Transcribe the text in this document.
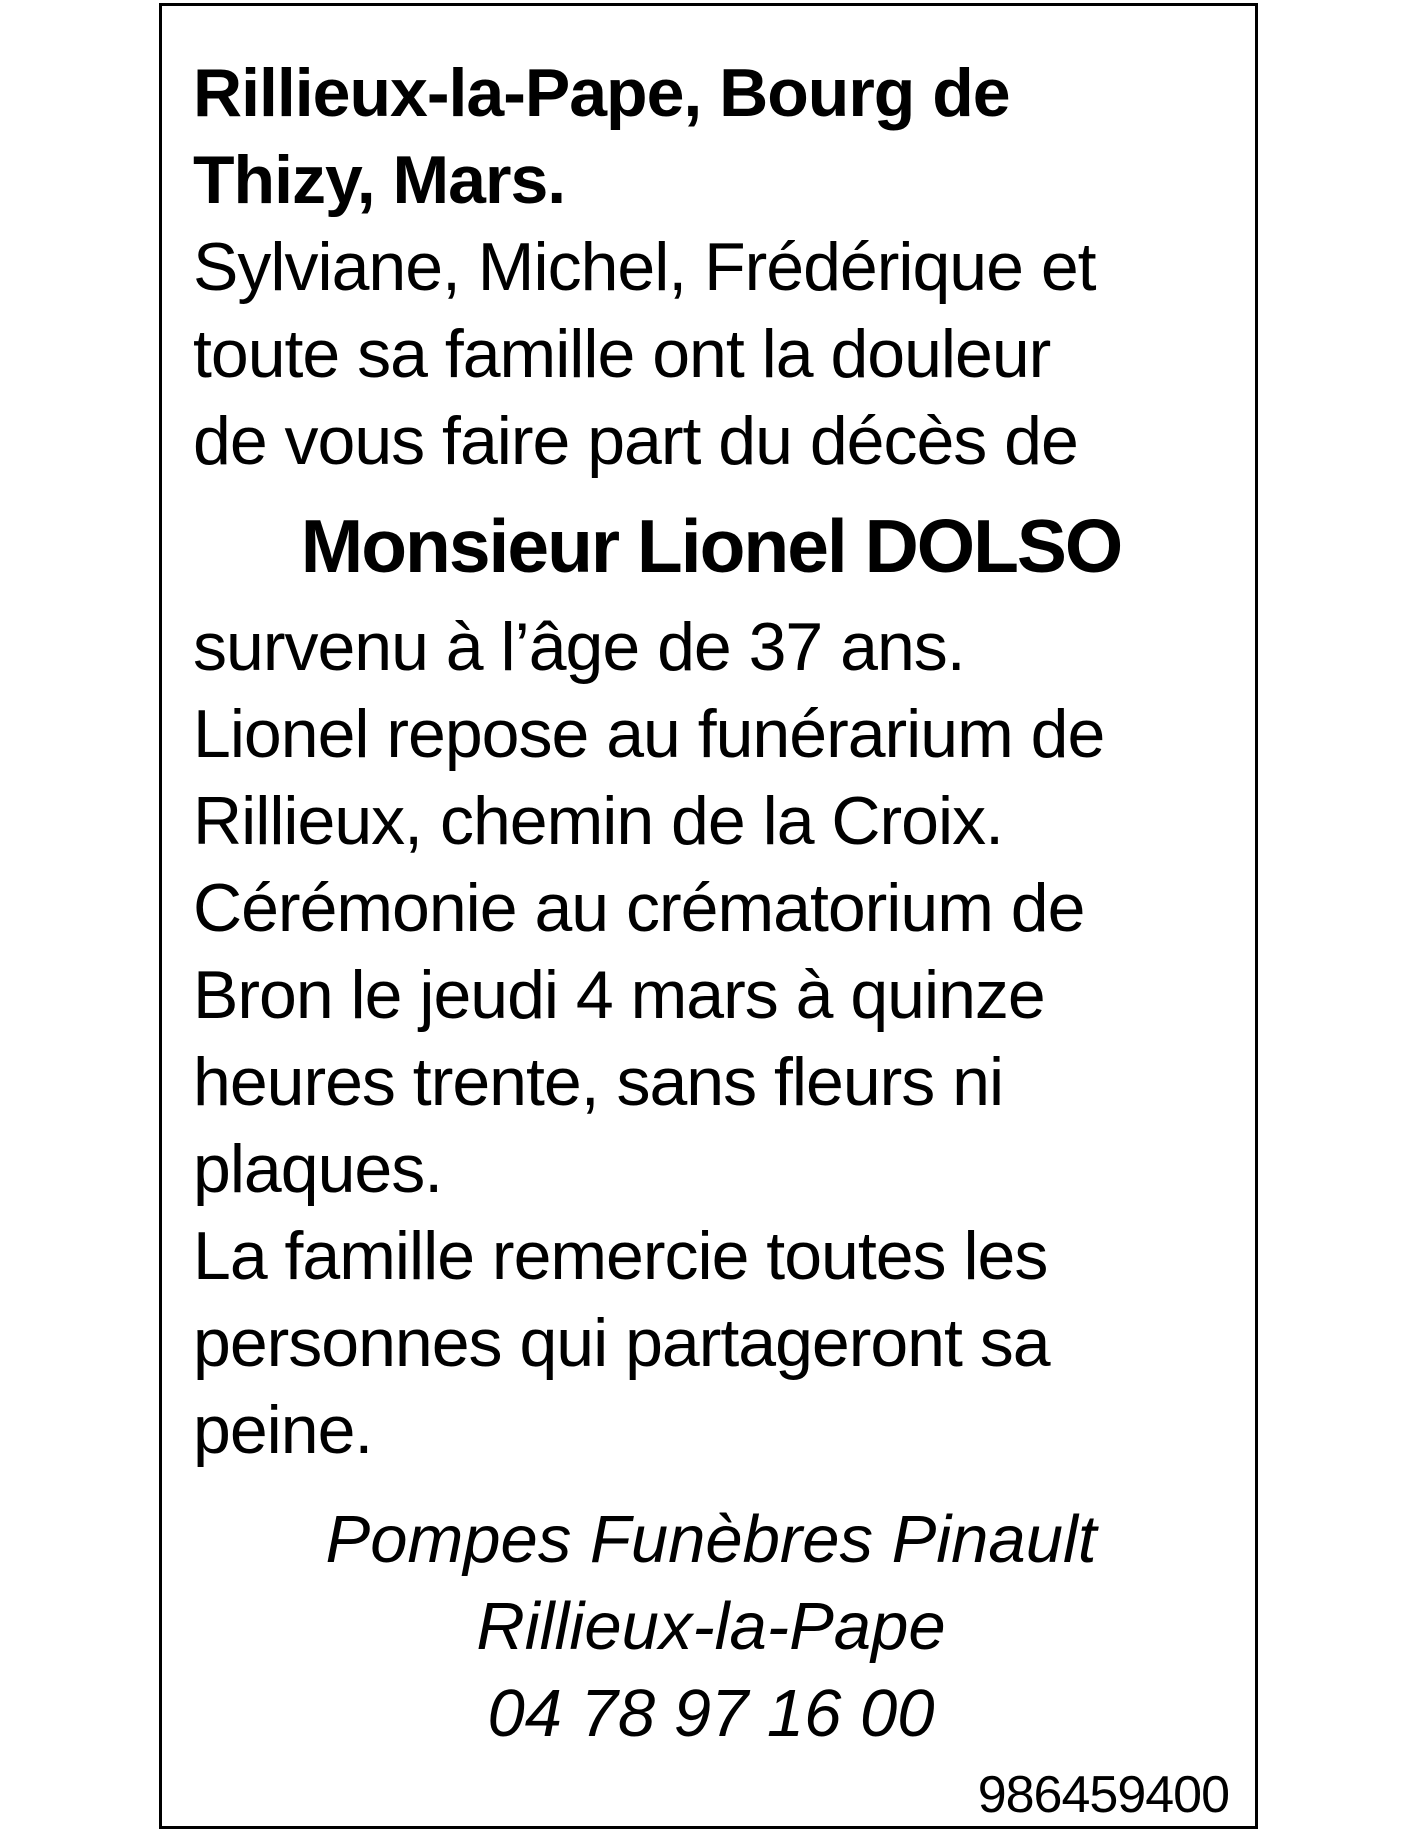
Rillieux-la-Pape, Bourg de
Thizy, Mars.
Sylviane, Michel, Frédérique et
toute sa famille ont la douleur
de vous faire part du décès de
Monsieur Lionel DOLSO
survenu à l’âge de 37 ans.
Lionel repose au funérarium de
Rillieux, chemin de la Croix.
Cérémonie au crématorium de
Bron le jeudi 4 mars à quinze
heures trente, sans fleurs ni
plaques.
La famille remercie toutes les
personnes qui partageront sa
peine.
Pompes Funèbres Pinault
Rillieux-la-Pape
04 78 97 16 00
986459400
